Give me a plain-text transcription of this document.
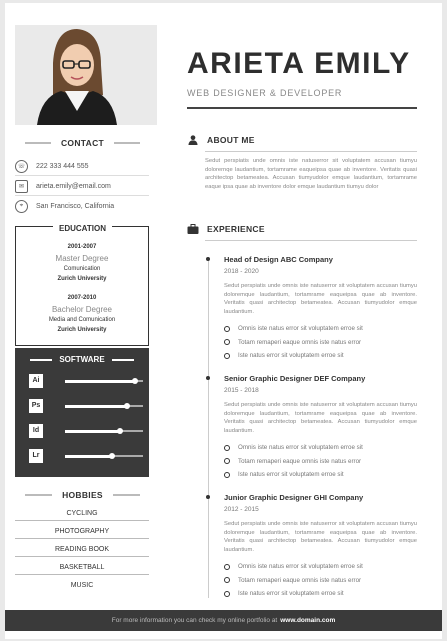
ARIETA EMILY
WEB DESIGNER & DEVELOPER
CONTACT
☏	222 333 444 555
✉	arieta.emily@email.com
⌖	San Francisco, California
2001-2007
Master Degree
Comunication
Zurich University
2007-2010
Bachelor Degree
Media and Comunication
Zurich University
EDUCATION
SOFTWARE
Ai
Ps
Id
Lr
HOBBIES
CYCLING
PHOTOGRAPHY
READING BOOK
BASKETBALL
MUSIC
ABOUT ME
Sedut perspiatis unde omnis iste natuserror sit voluptatem accusan tiumyu dolorernqe laudantium, tortamrame eaqueipsa quae ab inventore. Veritatis quasi architectop betameatea. Accusan tiumyudolor emque laudantium, tortamrame eaque ipsa quae ab inventore dolor emque laudantium tiumyu dolor
EXPERIENCE
Head of Design ABC Company
2018 - 2020
Sedut perspiatis unde omnis iste natuserror sit voluptatem accusan tiumyu doloremque laudantium, tortamrame eaqueipsa quae ab inventore. Veritatis quasi architectop betameatea. Accusan tiumyudolor emque laudantium.
Omnis iste natus error sit voluptatem errоe sit
Totam remaperi eaque omnis iste natus error
Iste natus error sit voluptatem errое sit
Senior Graphic Designer DEF Company
2015 - 2018
Sedut perspiatis unde omnis iste natuserror sit voluptatem accusan tiumyu doloremque laudantium, tortamrame eaqueipsa quae ab inventore. Veritatis quasi architectop betameatea. Accusan tiumyudolor emque laudantium.
Omnis iste natus error sit voluptatem errоe sit
Totam remaperi eaque omnis iste natus error
Iste natus error sit voluptatem errое sit
Junior Graphic Designer GHI Company
2012 - 2015
Sedut perspiatis unde omnis iste natuserror sit voluptatem accusan tiumyu doloremque laudantium, tortamrame eaqueipsa quae ab inventore. Veritatis quasi architectop betameatea. Accusan tiumyudolor emque laudantium.
Omnis iste natus error sit voluptatem errоe sit
Totam remaperi eaque omnis iste natus error
Iste natus error sit voluptatem errое sit
For more information you can check my online portfolio at www.domain.com
